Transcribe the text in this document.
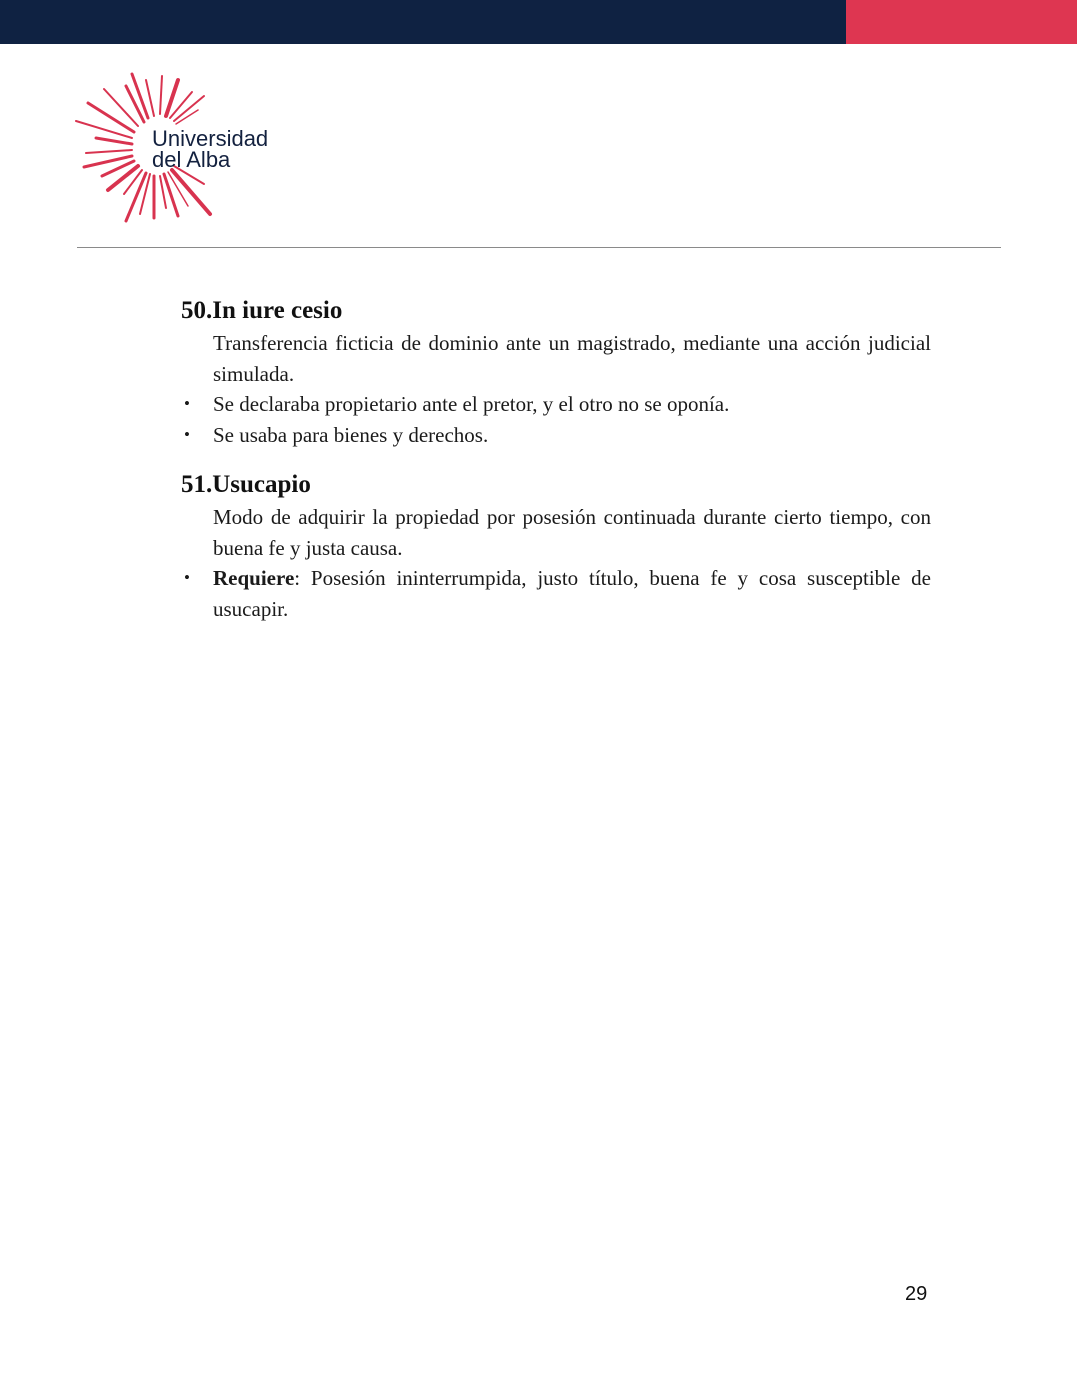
Universidad
del Alba
50.In iure cesio

Transferencia ficticia de dominio ante un magistrado, mediante una acción judicial simulada.

• Se declaraba propietario ante el pretor, y el otro no se oponía.
• Se usaba para bienes y derechos.
51.Usucapio

Modo de adquirir la propiedad por posesión continuada durante cierto tiempo, con buena fe y justa causa.

• Requiere: Posesión ininterrumpida, justo título, buena fe y cosa susceptible de usucapir.
29
